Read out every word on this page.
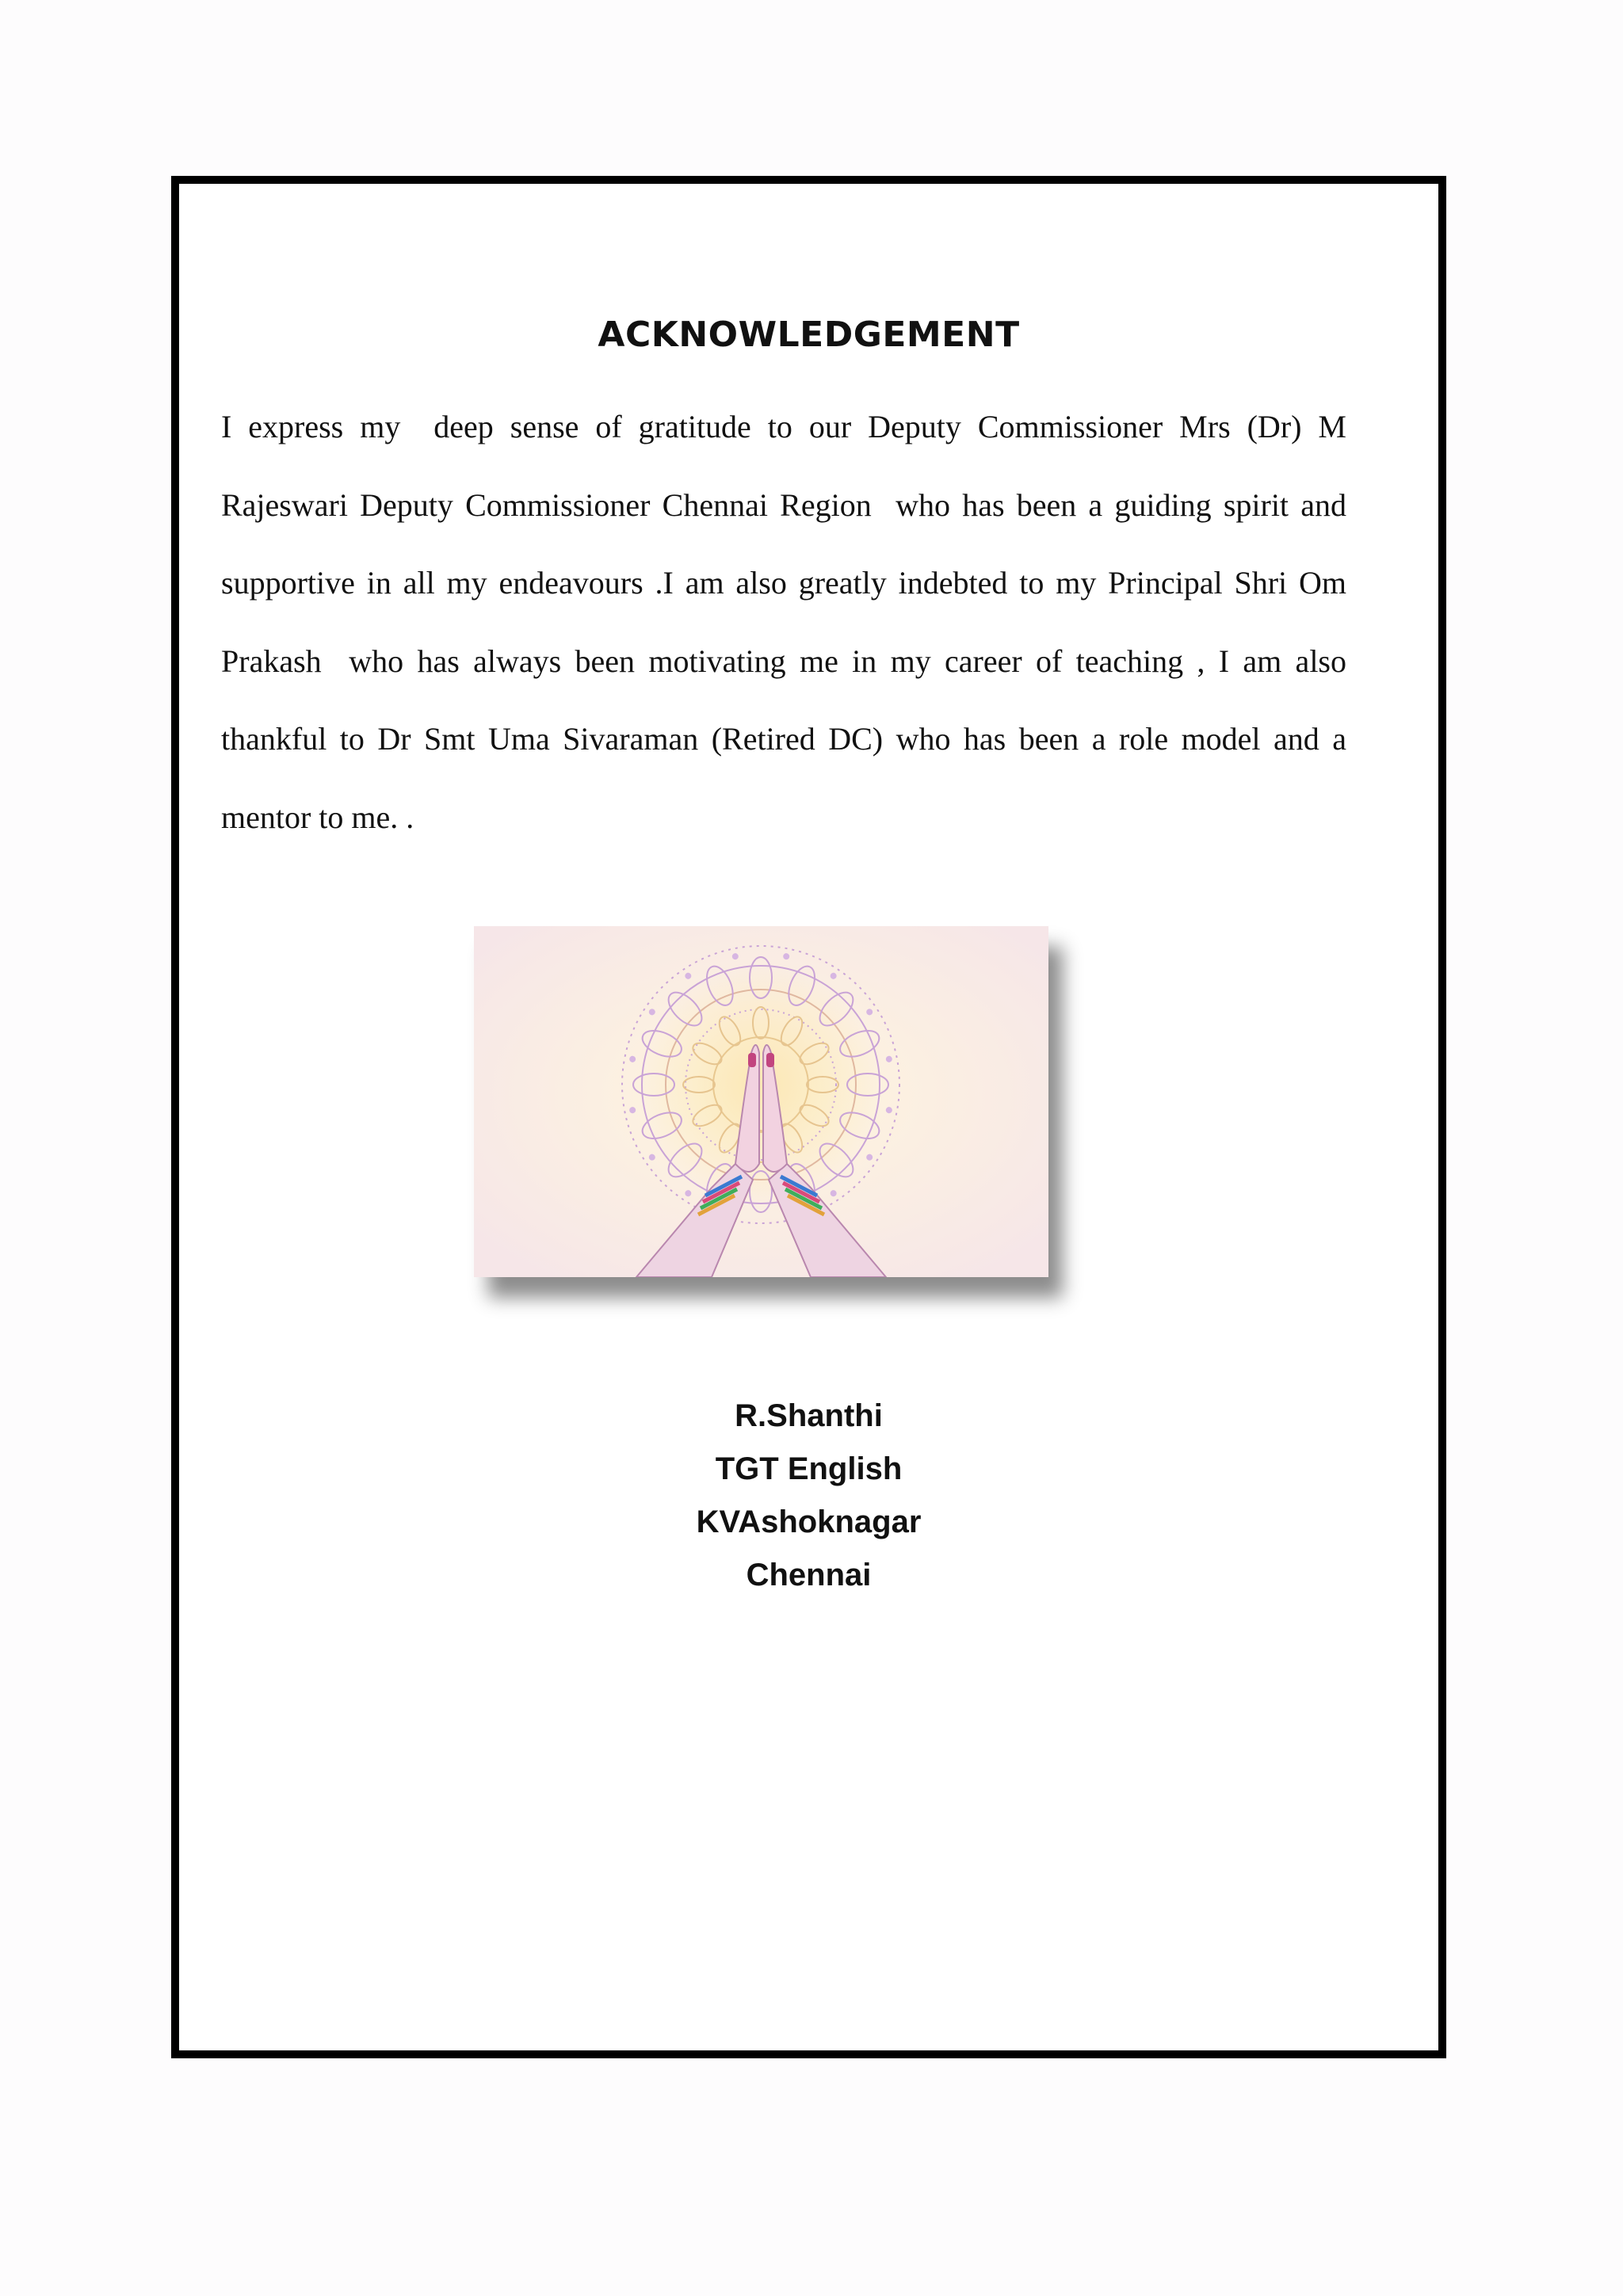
ACKNOWLEDGEMENT
I express my  deep sense of gratitude to our Deputy Commissioner Mrs (Dr) M Rajeswari Deputy Commissioner Chennai Region  who has been a guiding spirit and supportive in all my endeavours .I am also greatly indebted to my Principal Shri Om Prakash  who has always been motivating me in my career of teaching , I am also thankful to Dr Smt Uma Sivaraman (Retired DC) who has been a role model and a mentor to me. .
R.Shanthi
TGT English
KVAshoknagar
Chennai
